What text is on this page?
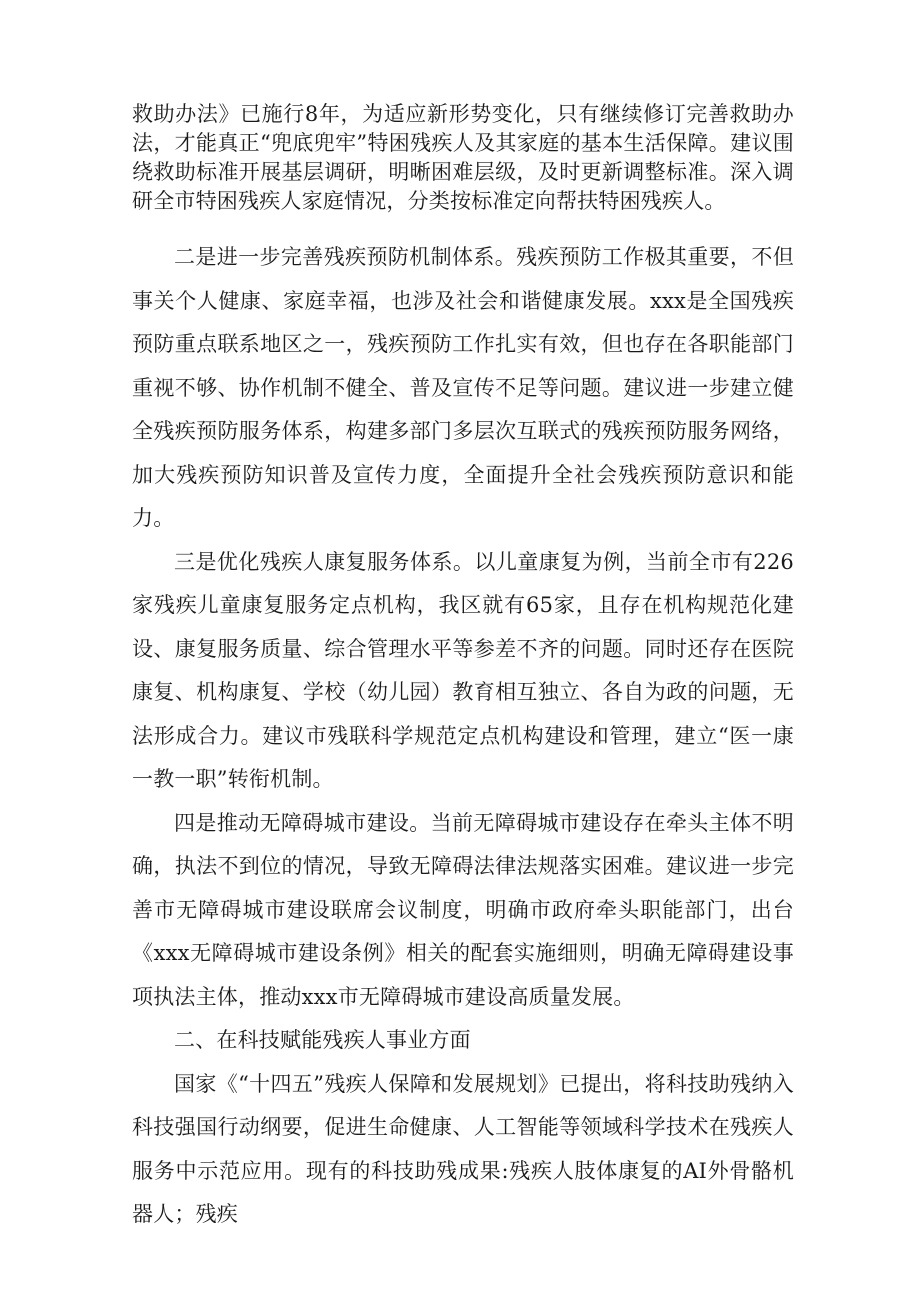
救助办法》已施行8年，为适应新形势变化，只有继续修订完善救助办法，才能真正“兜底兜牢”特困残疾人及其家庭的基本生活保障。建议围绕救助标准开展基层调研，明晰困难层级，及时更新调整标准。深入调研全市特困残疾人家庭情况，分类按标准定向帮扶特困残疾人。

二是进一步完善残疾预防机制体系。残疾预防工作极其重要，不但事关个人健康、家庭幸福，也涉及社会和谐健康发展。xxx是全国残疾预防重点联系地区之一，残疾预防工作扎实有效，但也存在各职能部门重视不够、协作机制不健全、普及宣传不足等问题。建议进一步建立健全残疾预防服务体系，构建多部门多层次互联式的残疾预防服务网络，加大残疾预防知识普及宣传力度，全面提升全社会残疾预防意识和能力。

三是优化残疾人康复服务体系。以儿童康复为例，当前全市有226家残疾儿童康复服务定点机构，我区就有65家，且存在机构规范化建设、康复服务质量、综合管理水平等参差不齐的问题。同时还存在医院康复、机构康复、学校（幼儿园）教育相互独立、各自为政的问题，无法形成合力。建议市残联科学规范定点机构建设和管理，建立“医一康一教一职”转衔机制。

四是推动无障碍城市建设。当前无障碍城市建设存在牵头主体不明确，执法不到位的情况，导致无障碍法律法规落实困难。建议进一步完善市无障碍城市建设联席会议制度，明确市政府牵头职能部门，出台《xxx无障碍城市建设条例》相关的配套实施细则，明确无障碍建设事项执法主体，推动xxx市无障碍城市建设高质量发展。

二、在科技赋能残疾人事业方面

国家《“十四五”残疾人保障和发展规划》已提出，将科技助残纳入科技强国行动纲要，促进生命健康、人工智能等领域科学技术在残疾人服务中示范应用。现有的科技助残成果:残疾人肢体康复的AI外骨骼机器人；残疾
